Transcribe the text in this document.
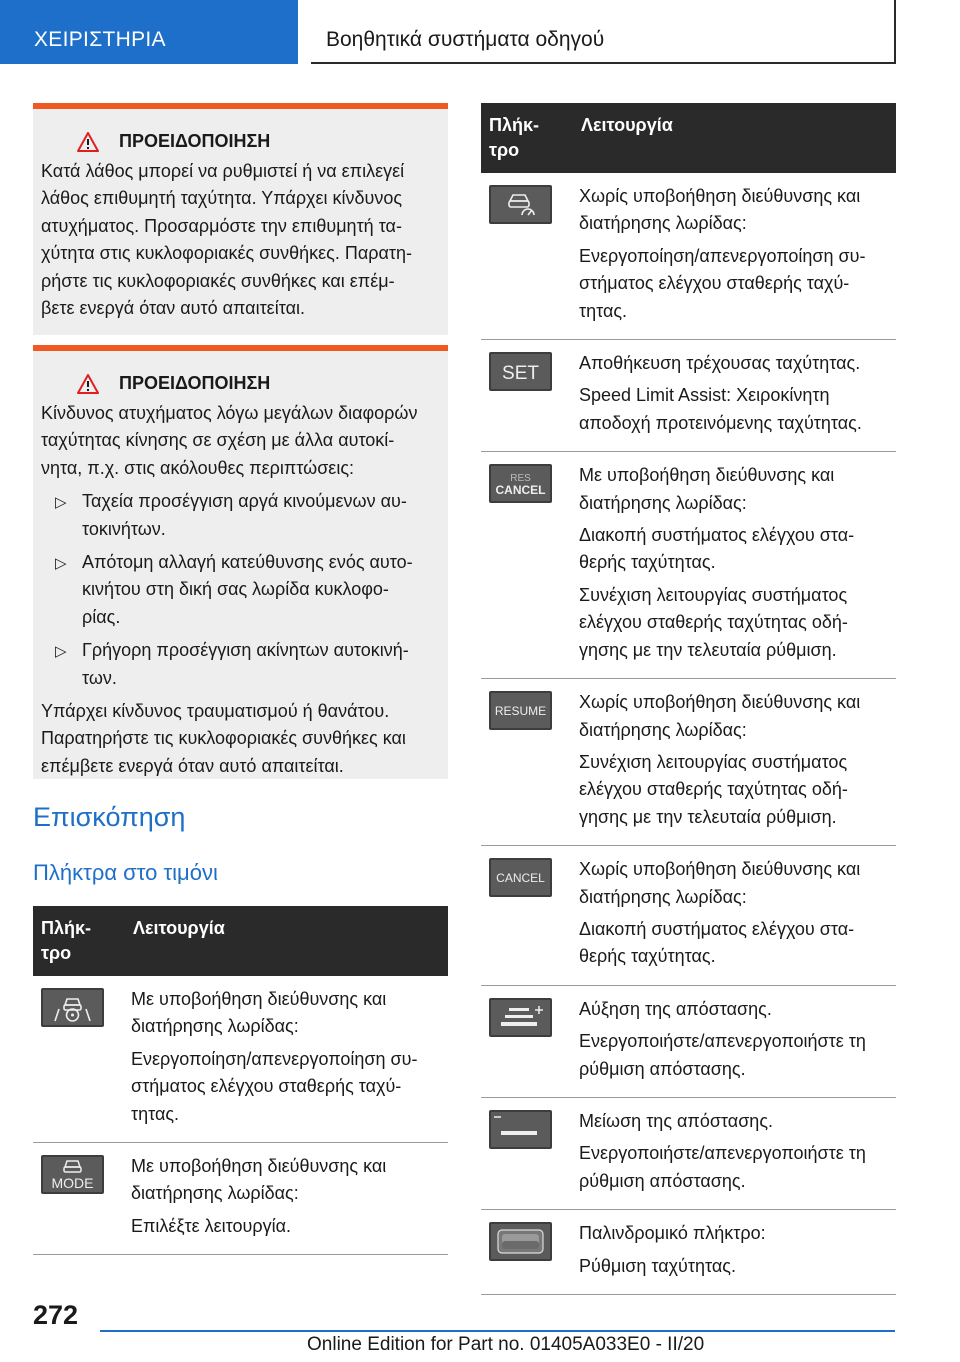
ΧΕΙΡΙΣΤΗΡΙΑ	Βοηθητικά συστήματα οδηγού
ΠΡΟΕΙΔΟΠΟΙΗΣΗ

Κατά λάθος μπορεί να ρυθμιστεί ή να επιλεγεί
λάθος επιθυμητή ταχύτητα. Υπάρχει κίνδυνος
ατυχήματος. Προσαρμόστε την επιθυμητή τα-
χύτητα στις κυκλοφοριακές συνθήκες. Παρατη-
ρήστε τις κυκλοφοριακές συνθήκες και επέμ-
βετε ενεργά όταν αυτό απαιτείται.

ΠΡΟΕΙΔΟΠΟΙΗΣΗ

Κίνδυνος ατυχήματος λόγω μεγάλων διαφορών
ταχύτητας κίνησης σε σχέση με άλλα αυτοκί-
νητα, π.χ. στις ακόλουθες περιπτώσεις:

▷ Ταχεία προσέγγιση αργά κινούμενων αυ-
τοκινήτων.
▷ Απότομη αλλαγή κατεύθυνσης ενός αυτο-
κινήτου στη δική σας λωρίδα κυκλοφο-
ρίας.
▷ Γρήγορη προσέγγιση ακίνητων αυτοκινή-
των.

Υπάρχει κίνδυνος τραυματισμού ή θανάτου.
Παρατηρήστε τις κυκλοφοριακές συνθήκες και
επέμβετε ενεργά όταν αυτό απαιτείται.

Επισκόπηση
Πλήκτρα στο τιμόνι
Πλήκ-
τρο
Λειτουργία

Με υποβοήθηση διεύθυνσης και
διατήρησης λωρίδας:

Ενεργοποίηση/απενεργοποίηση συ-
στήματος ελέγχου σταθερής ταχύ-
τητας.

MODE

Με υποβοήθηση διεύθυνσης και
διατήρησης λωρίδας:

Επιλέξτε λειτουργία.

Πλήκ-
τρο
Λειτουργία

Χωρίς υποβοήθηση διεύθυνσης και
διατήρησης λωρίδας:

Ενεργοποίηση/απενεργοποίηση συ-
στήματος ελέγχου σταθερής ταχύ-
τητας.

SET Αποθήκευση τρέχουσας ταχύτητας.

Speed Limit Assist: Χειροκίνητη
αποδοχή προτεινόμενης ταχύτητας.

RES
CANCEL

Με υποβοήθηση διεύθυνσης και
διατήρησης λωρίδας:

Διακοπή συστήματος ελέγχου στα-
θερής ταχύτητας.

Συνέχιση λειτουργίας συστήματος
ελέγχου σταθερής ταχύτητας οδή-
γησης με την τελευταία ρύθμιση.

RESUME Χωρίς υποβοήθηση διεύθυνσης και
διατήρησης λωρίδας:

Συνέχιση λειτουργίας συστήματος
ελέγχου σταθερής ταχύτητας οδή-
γησης με την τελευταία ρύθμιση.

CANCEL Χωρίς υποβοήθηση διεύθυνσης και
διατήρησης λωρίδας:

Διακοπή συστήματος ελέγχου στα-
θερής ταχύτητας.

Αύξηση της απόστασης.

Ενεργοποιήστε/απενεργοποιήστε τη
ρύθμιση απόστασης.

Μείωση της απόστασης.

Ενεργοποιήστε/απενεργοποιήστε τη
ρύθμιση απόστασης.

Παλινδρομικό πλήκτρο:

Ρύθμιση ταχύτητας.

272
Online Edition for Part no. 01405A033E0 - II/20
